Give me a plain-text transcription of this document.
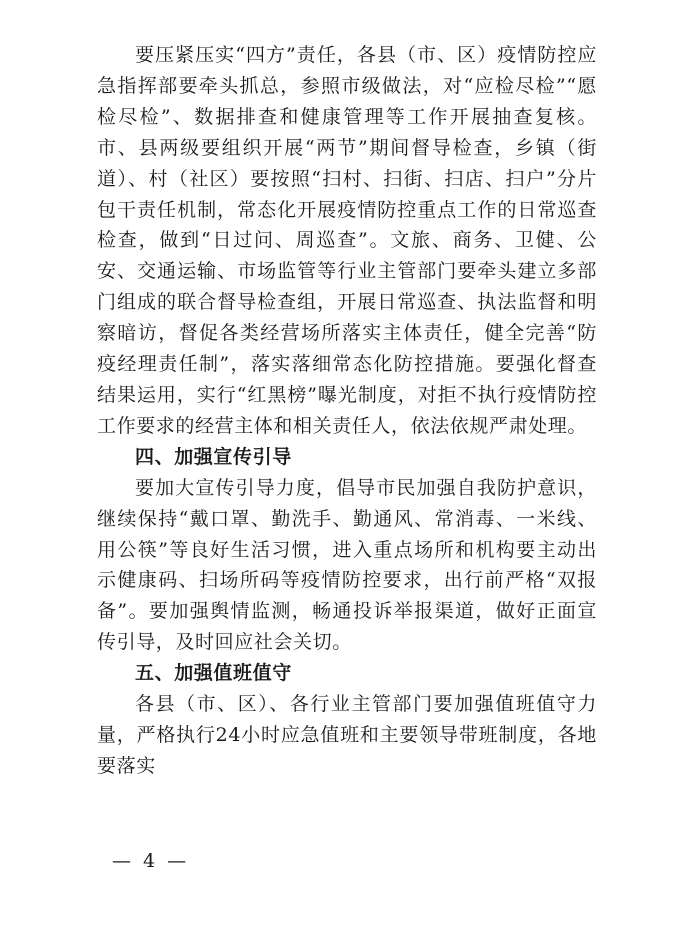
要压紧压实“四方”责任，各县（市、区）疫情防控应急指挥部要牵头抓总，参照市级做法，对“应检尽检”“愿检尽检”、数据排查和健康管理等工作开展抽查复核。市、县两级要组织开展“两节”期间督导检查，乡镇（街道）、村（社区）要按照“扫村、扫街、扫店、扫户”分片包干责任机制，常态化开展疫情防控重点工作的日常巡查检查，做到“日过问、周巡查”。文旅、商务、卫健、公安、交通运输、市场监管等行业主管部门要牵头建立多部门组成的联合督导检查组，开展日常巡查、执法监督和明察暗访，督促各类经营场所落实主体责任，健全完善“防疫经理责任制”，落实落细常态化防控措施。要强化督查结果运用，实行“红黑榜”曝光制度，对拒不执行疫情防控工作要求的经营主体和相关责任人，依法依规严肃处理。

四、加强宣传引导

要加大宣传引导力度，倡导市民加强自我防护意识，继续保持“戴口罩、勤洗手、勤通风、常消毒、一米线、用公筷”等良好生活习惯，进入重点场所和机构要主动出示健康码、扫场所码等疫情防控要求，出行前严格“双报备”。要加强舆情监测，畅通投诉举报渠道，做好正面宣传引导，及时回应社会关切。

五、加强值班值守

各县（市、区）、各行业主管部门要加强值班值守力量，严格执行24小时应急值班和主要领导带班制度，各地要落实

— 4 —
